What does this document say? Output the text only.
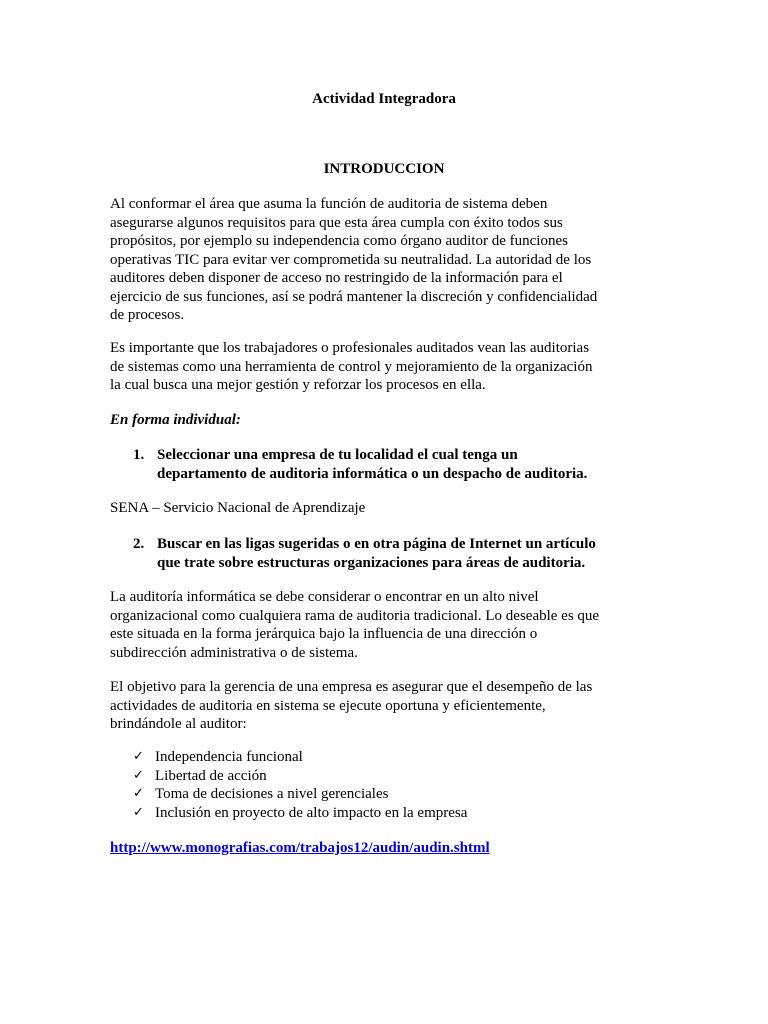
Actividad Integradora
INTRODUCCION
Al conformar el área que asuma la función de auditoria de sistema deben
asegurarse algunos requisitos para que esta área cumpla con éxito todos sus
propósitos, por ejemplo su independencia como órgano auditor de funciones
operativas TIC para evitar ver comprometida su neutralidad. La autoridad de los
auditores deben disponer de acceso no restringido de la información para el
ejercicio de sus funciones, así se podrá mantener la discreción y confidencialidad
de procesos.
Es importante que los trabajadores o profesionales auditados vean las auditorias
de sistemas como una herramienta de control y mejoramiento de la organización
la cual busca una mejor gestión y reforzar los procesos en ella.
En forma individual:
1. Seleccionar una empresa de tu localidad el cual tenga un
departamento de auditoria informática o un despacho de auditoria.
SENA – Servicio Nacional de Aprendizaje
2. Buscar en las ligas sugeridas o en otra página de Internet un artículo
que trate sobre estructuras organizaciones para áreas de auditoria.
La auditoría informática se debe considerar o encontrar en un alto nivel
organizacional como cualquiera rama de auditoria tradicional. Lo deseable es que
este situada en la forma jerárquica bajo la influencia de una dirección o
subdirección administrativa o de sistema.
El objetivo para la gerencia de una empresa es asegurar que el desempeño de las
actividades de auditoria en sistema se ejecute oportuna y eficientemente,
brindándole al auditor:
✓ Independencia funcional
✓ Libertad de acción
✓ Toma de decisiones a nivel gerenciales
✓ Inclusión en proyecto de alto impacto en la empresa
http://www.monografias.com/trabajos12/audin/audin.shtml
